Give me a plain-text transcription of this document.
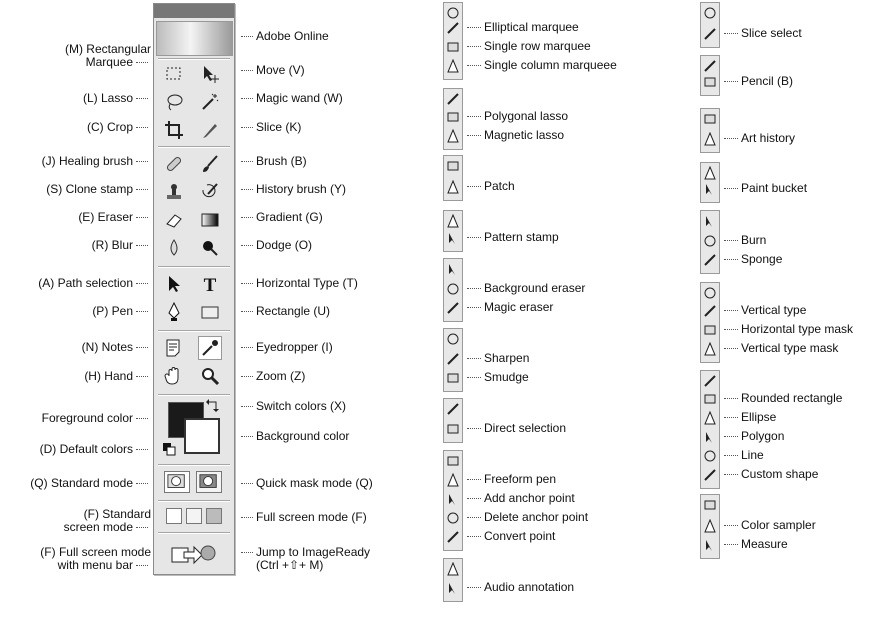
T
(M) Rectangular
Marquee
(L) Lasso
(C) Crop
(J) Healing brush
(S) Clone stamp
(E) Eraser
(R) Blur
(A) Path selection
(P) Pen
(N) Notes
(H) Hand
Foreground color
(D) Default colors
(Q) Standard mode
(F) Standard
screen mode
(F) Full screen mode
with menu bar
Adobe Online
Move (V)
Magic wand (W)
Slice (K)
Brush (B)
History brush (Y)
Gradient (G)
Dodge (O)
Horizontal Type (T)
Rectangle (U)
Eyedropper (I)
Zoom (Z)
Switch colors (X)
Background color
Quick mask mode (Q)
Full screen mode (F)
Jump to ImageReady
(Ctrl +⇧+ M)
Elliptical marquee
Single row marquee
Single column marqueee
Polygonal lasso
Magnetic lasso
Patch
Pattern stamp
Background eraser
Magic eraser
Sharpen
Smudge
Direct selection
Freeform pen
Add anchor point
Delete anchor point
Convert point
Audio annotation
Slice select
Pencil (B)
Art history
Paint bucket
Burn
Sponge
Vertical type
Horizontal type mask
Vertical type mask
Rounded rectangle
Ellipse
Polygon
Line
Custom shape
Color sampler
Measure
